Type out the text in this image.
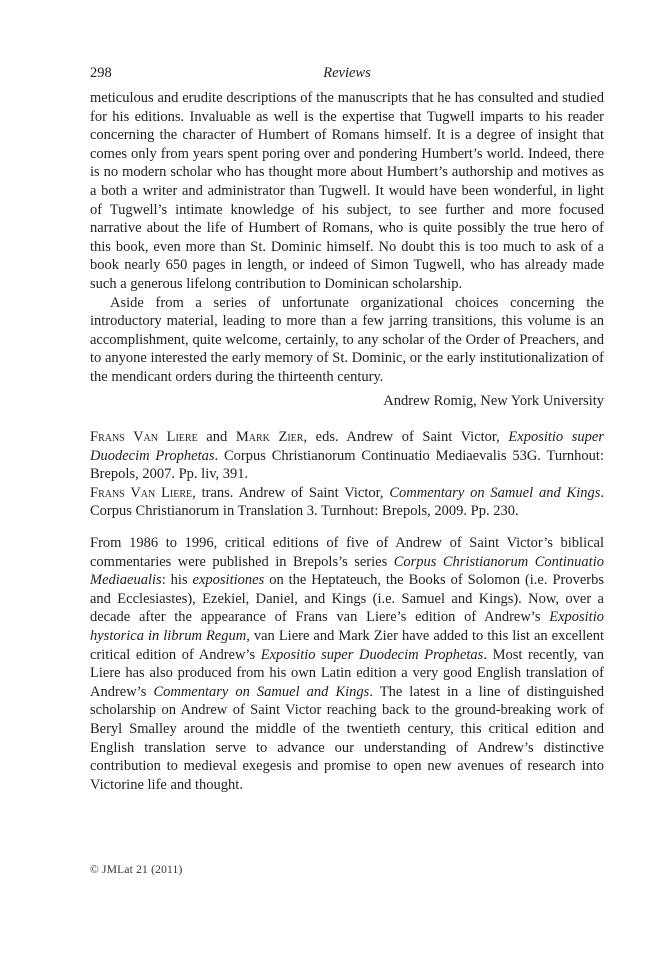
298	Reviews

meticulous and erudite descriptions of the manuscripts that he has consulted and studied for his editions. Invaluable as well is the expertise that Tugwell imparts to his reader concerning the character of Humbert of Romans himself. It is a degree of insight that comes only from years spent poring over and pondering Humbert’s world. Indeed, there is no modern scholar who has thought more about Humbert’s authorship and motives as a both a writer and administrator than Tugwell. It would have been wonderful, in light of Tugwell’s intimate knowledge of his subject, to see further and more focused narrative about the life of Humbert of Romans, who is quite possibly the true hero of this book, even more than St. Dominic himself. No doubt this is too much to ask of a book nearly 650 pages in length, or indeed of Simon Tugwell, who has already made such a generous lifelong contribution to Dominican scholarship.

Aside from a series of unfortunate organizational choices concerning the introductory material, leading to more than a few jarring transitions, this volume is an accomplishment, quite welcome, certainly, to any scholar of the Order of Preachers, and to anyone interested the early memory of St. Dominic, or the early institutionalization of the mendicant orders during the thirteenth century.

Andrew Romig, New York University

Frans Van Liere and Mark Zier, eds. Andrew of Saint Victor, Expositio super Duodecim Prophetas. Corpus Christianorum Continuatio Mediaevalis 53G. Turnhout: Brepols, 2007. Pp. liv, 391.

Frans Van Liere, trans. Andrew of Saint Victor, Commentary on Samuel and Kings. Corpus Christianorum in Translation 3. Turnhout: Brepols, 2009. Pp. 230.

From 1986 to 1996, critical editions of five of Andrew of Saint Victor’s biblical commentaries were published in Brepols’s series Corpus Christianorum Continuatio Mediaeualis: his expositiones on the Heptateuch, the Books of Solomon (i.e. Proverbs and Ecclesiastes), Ezekiel, Daniel, and Kings (i.e. Samuel and Kings). Now, over a decade after the appearance of Frans van Liere’s edition of Andrew’s Expositio hystorica in librum Regum, van Liere and Mark Zier have added to this list an excellent critical edition of Andrew’s Expositio super Duodecim Prophetas. Most recently, van Liere has also produced from his own Latin edition a very good English translation of Andrew’s Commentary on Samuel and Kings. The latest in a line of distinguished scholarship on Andrew of Saint Victor reaching back to the ground-breaking work of Beryl Smalley around the middle of the twentieth century, this critical edition and English translation serve to advance our understanding of Andrew’s distinctive contribution to medieval exegesis and promise to open new avenues of research into Victorine life and thought.

© JMLat 21 (2011)
